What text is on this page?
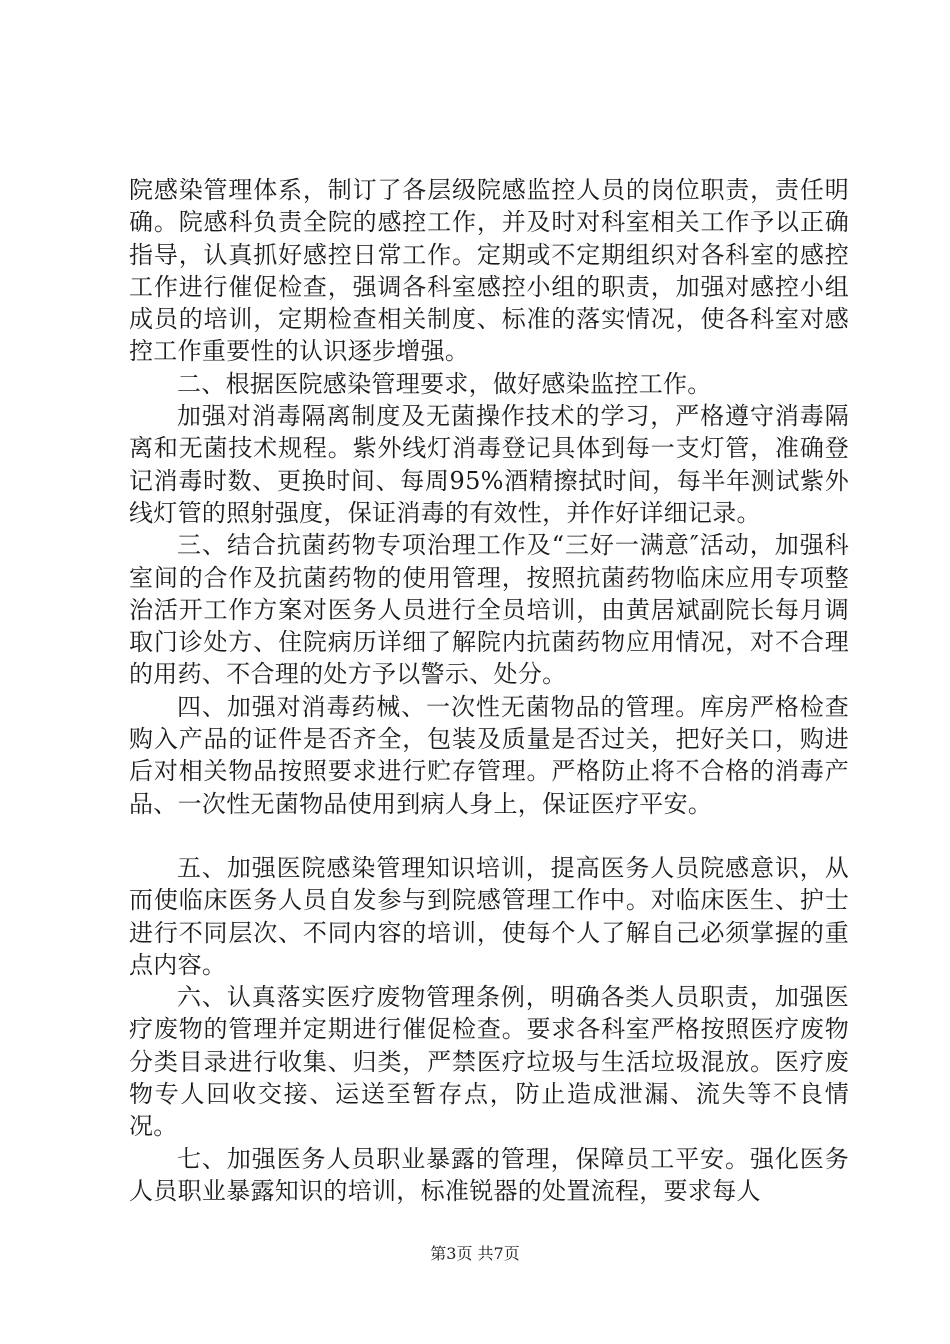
院感染管理体系，制订了各层级院感监控人员的岗位职责，责任明确。院感科负责全院的感控工作，并及时对科室相关工作予以正确指导，认真抓好感控日常工作。定期或不定期组织对各科室的感控工作进行催促检查，强调各科室感控小组的职责，加强对感控小组成员的培训，定期检查相关制度、标准的落实情况，使各科室对感控工作重要性的认识逐步增强。

二、根据医院感染管理要求，做好感染监控工作。

加强对消毒隔离制度及无菌操作技术的学习，严格遵守消毒隔离和无菌技术规程。紫外线灯消毒登记具体到每一支灯管，准确登记消毒时数、更换时间、每周95%酒精擦拭时间，每半年测试紫外线灯管的照射强度，保证消毒的有效性，并作好详细记录。

三、结合抗菌药物专项治理工作及“三好一满意″活动，加强科室间的合作及抗菌药物的使用管理，按照抗菌药物临床应用专项整治活开工作方案对医务人员进行全员培训，由黄居斌副院长每月调取门诊处方、住院病历详细了解院内抗菌药物应用情况，对不合理的用药、不合理的处方予以警示、处分。

四、加强对消毒药械、一次性无菌物品的管理。库房严格检查购入产品的证件是否齐全，包装及质量是否过关，把好关口，购进后对相关物品按照要求进行贮存管理。严格防止将不合格的消毒产品、一次性无菌物品使用到病人身上，保证医疗平安。

五、加强医院感染管理知识培训，提高医务人员院感意识，从而使临床医务人员自发参与到院感管理工作中。对临床医生、护士进行不同层次、不同内容的培训，使每个人了解自己必须掌握的重点内容。

六、认真落实医疗废物管理条例，明确各类人员职责，加强医疗废物的管理并定期进行催促检查。要求各科室严格按照医疗废物分类目录进行收集、归类，严禁医疗垃圾与生活垃圾混放。医疗废物专人回收交接、运送至暂存点，防止造成泄漏、流失等不良情况。

七、加强医务人员职业暴露的管理，保障员工平安。强化医务人员职业暴露知识的培训，标准锐器的处置流程，要求每人

第3页 共7页
